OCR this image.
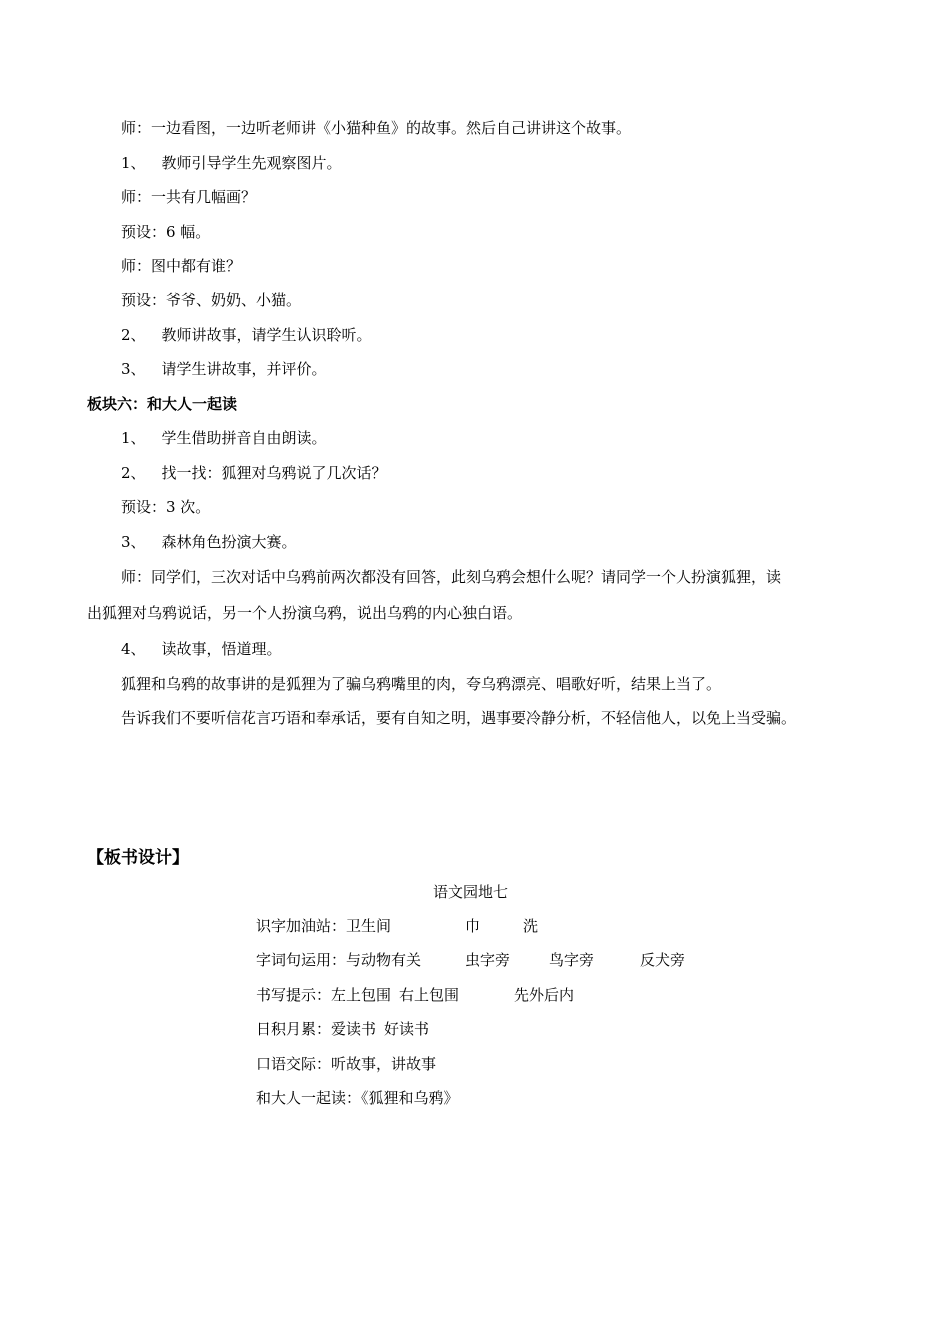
师：一边看图，一边听老师讲《小猫种鱼》的故事。然后自己讲讲这个故事。
1、 教师引导学生先观察图片。
师：一共有几幅画？
预设：6 幅。
师：图中都有谁？
预设：爷爷、奶奶、小猫。
2、 教师讲故事，请学生认识聆听。
3、 请学生讲故事，并评价。
板块六：和大人一起读
1、 学生借助拼音自由朗读。
2、 找一找：狐狸对乌鸦说了几次话？
预设：3 次。
3、 森林角色扮演大赛。
师：同学们，三次对话中乌鸦前两次都没有回答，此刻乌鸦会想什么呢？请同学一个人扮演狐狸，读
出狐狸对乌鸦说话，另一个人扮演乌鸦，说出乌鸦的内心独白语。
4、 读故事，悟道理。
狐狸和乌鸦的故事讲的是狐狸为了骗乌鸦嘴里的肉，夸乌鸦漂亮、唱歌好听，结果上当了。
告诉我们不要听信花言巧语和奉承话，要有自知之明，遇事要冷静分析，不轻信他人，以免上当受骗。
【板书设计】
语文园地七
识字加油站：卫生间	巾	洗
字词句运用：与动物有关	虫字旁	鸟字旁	反犬旁
书写提示：左上包围 右上包围	先外后内
日积月累：爱读书 好读书
口语交际：听故事，讲故事
和大人一起读：《狐狸和乌鸦》
